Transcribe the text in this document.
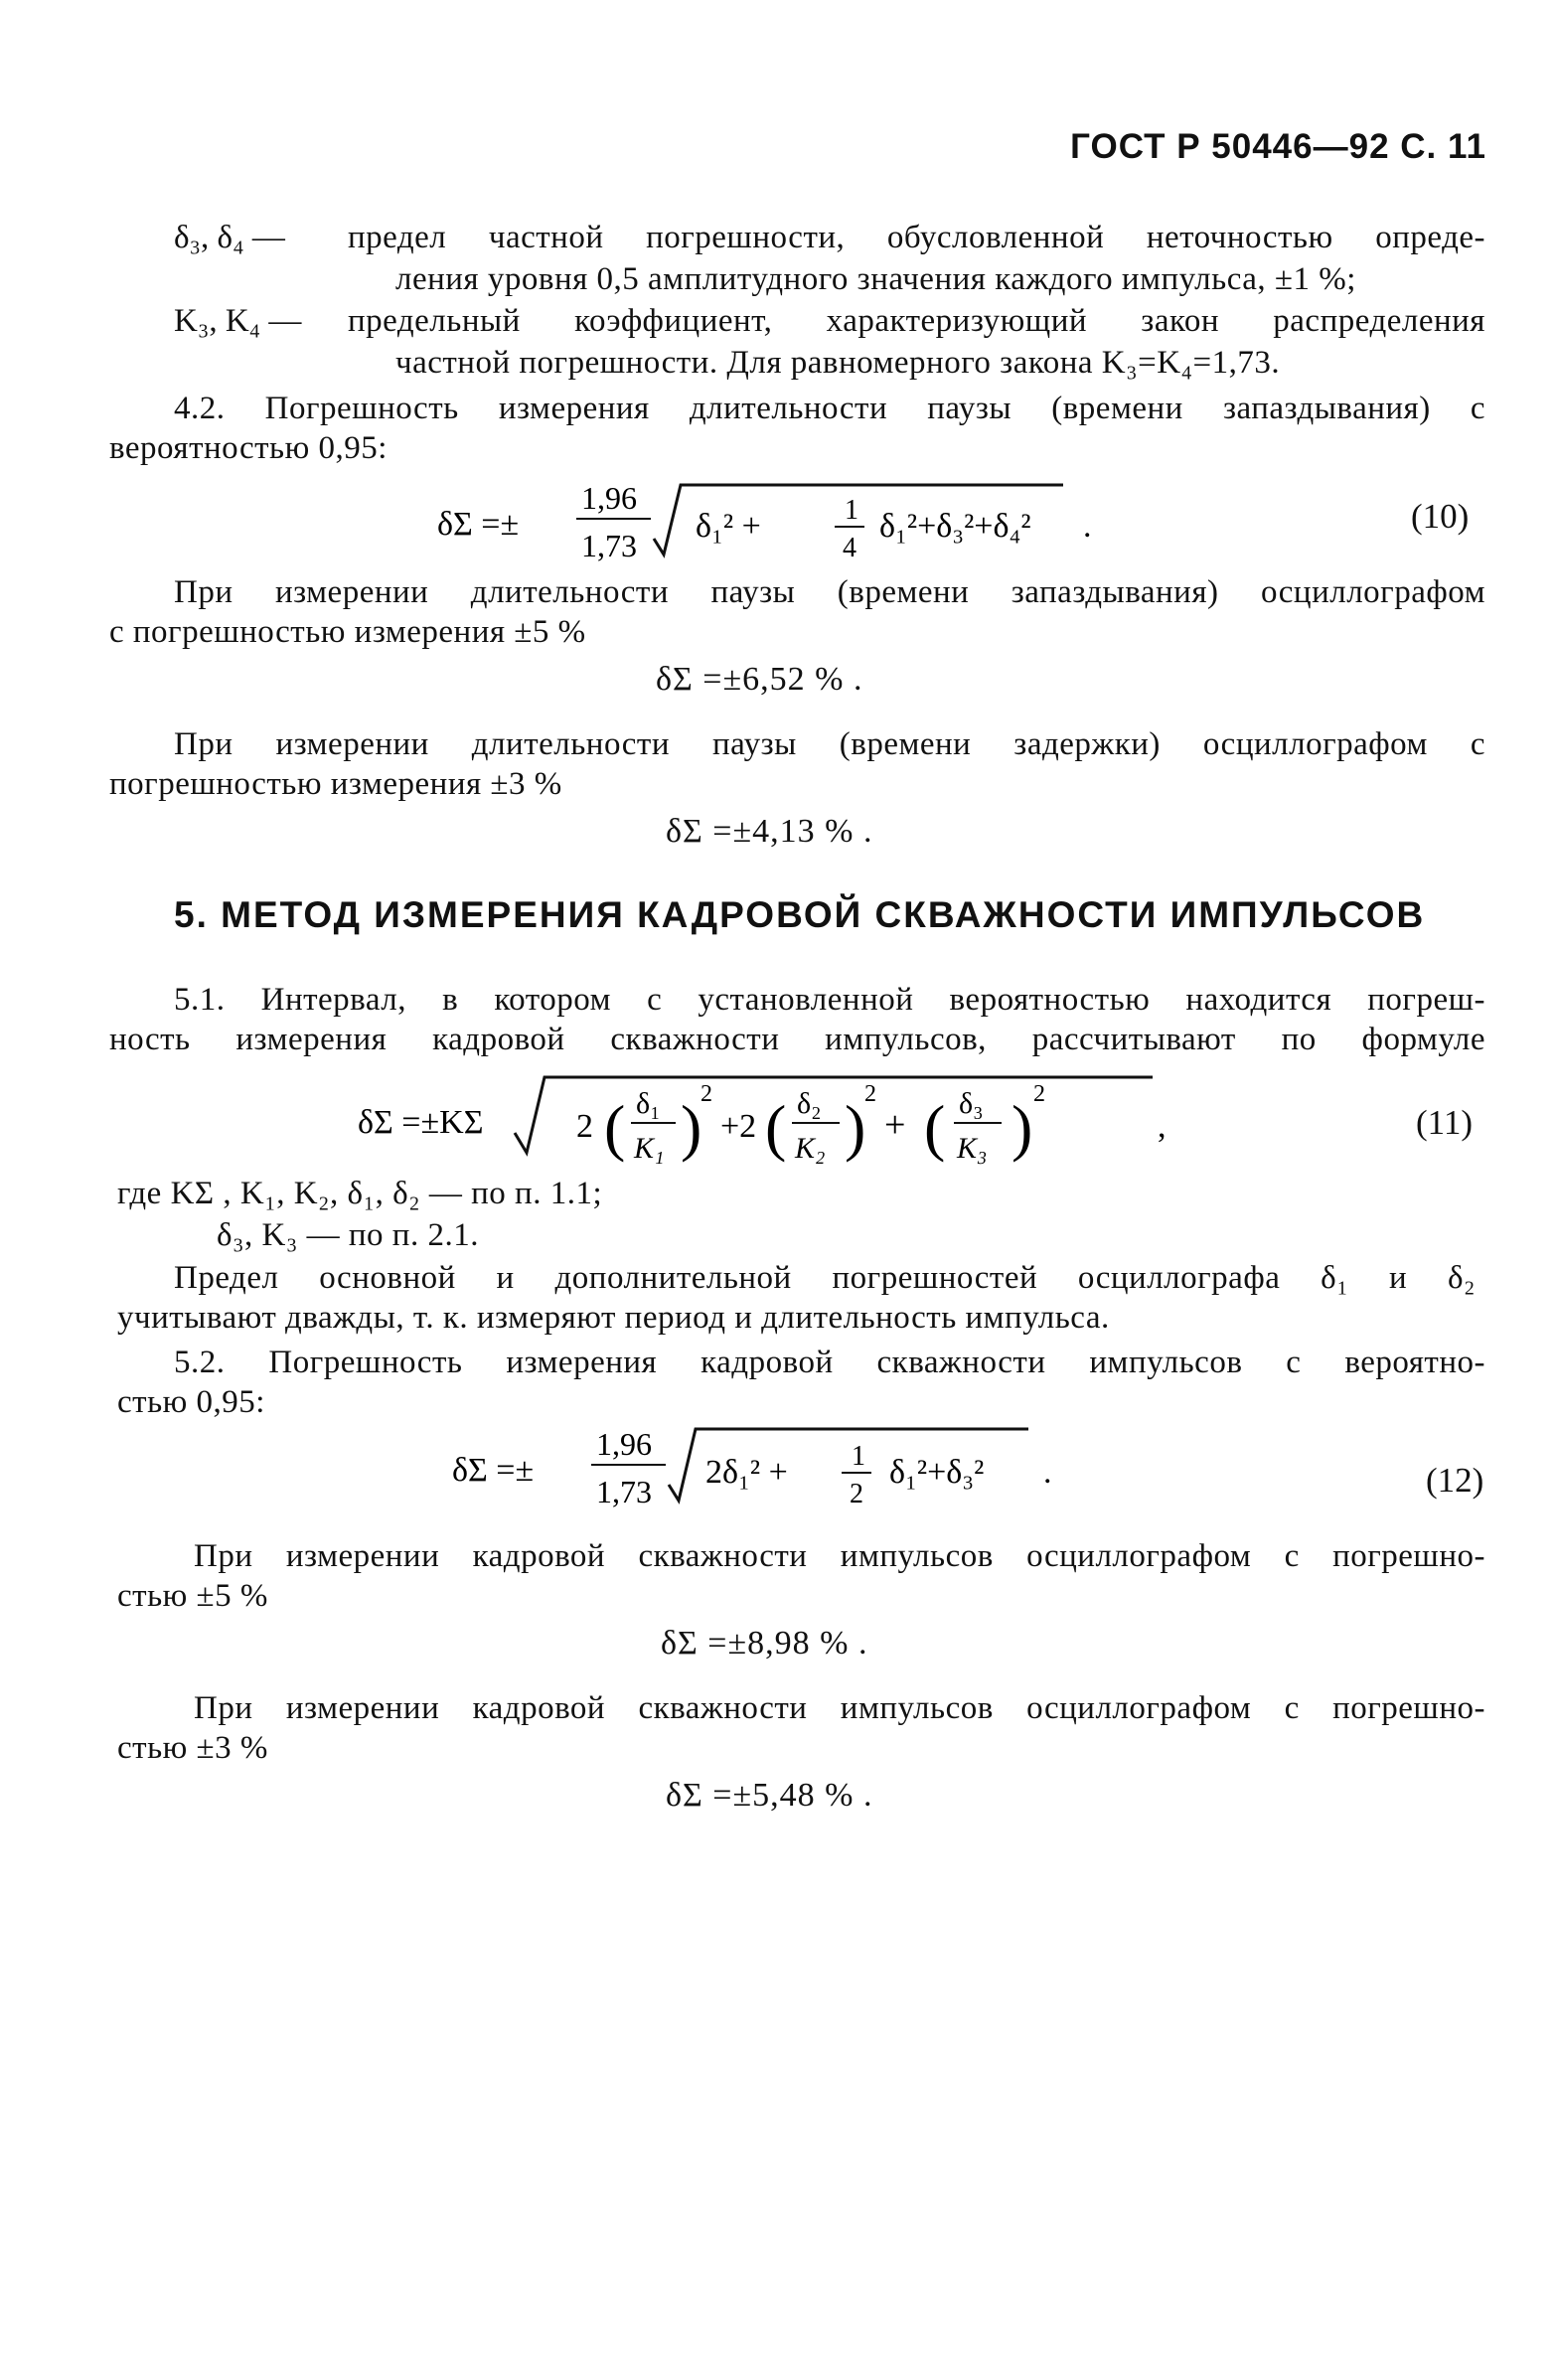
ГОСТ Р 50446—92 С. 11
δ₃, δ₄ — предел частной погрешности, обусловленной неточностью опреде-
ления уровня 0,5 амплитудного значения каждого импульса, ±1 %;
K₃, K₄ — предельный коэффициент, характеризующий закон распределения
частной погрешности. Для равномерного закона K₃=K₄=1,73.
4.2. Погрешность измерения длительности паузы (времени запаздывания) с
вероятностью 0,95:
δΣ =±
1,96
1,73
δ₁² +	1
4
δ₁²+δ₃²+δ₄² .	(10)
При измерении длительности паузы (времени запаздывания) осциллографом
с погрешностью измерения ±5 %
δΣ =±6,52 % .
При измерении длительности паузы (времени задержки) осциллографом с
погрешностью измерения ±3 %
δΣ =±4,13 % .
5. МЕТОД ИЗМЕРЕНИЯ КАДРОВОЙ СКВАЖНОСТИ ИМПУЛЬСОВ
5.1. Интервал, в котором с установленной вероятностью находится погреш-
ность измерения кадровой скважности импульсов, рассчитывают по формуле
δΣ =±KΣ	2 ( δ₁
K₁ )
2
+2 ( δ₂
K₂ )
2
+ ( δ₃
K₃ ) 2
,	(11)
где KΣ , K₁, K₂, δ₁, δ₂ — по п. 1.1;
δ₃, K₃ — по п. 2.1.
Предел основной и дополнительной погрешностей осциллографа δ₁ и δ₂
учитывают дважды, т. к. измеряют период и длительность импульса.
5.2. Погрешность измерения кадровой скважности импульсов с вероятно-
стью 0,95:
δΣ =±
1,96
1,73
2δ₁² + 1
2
δ₁²+δ₃² .	(12)
При измерении кадровой скважности импульсов осциллографом с погрешно-
стью ±5 %
δΣ =±8,98 % .
При измерении кадровой скважности импульсов осциллографом с погрешно-
стью ±3 %
δΣ =±5,48 % .
